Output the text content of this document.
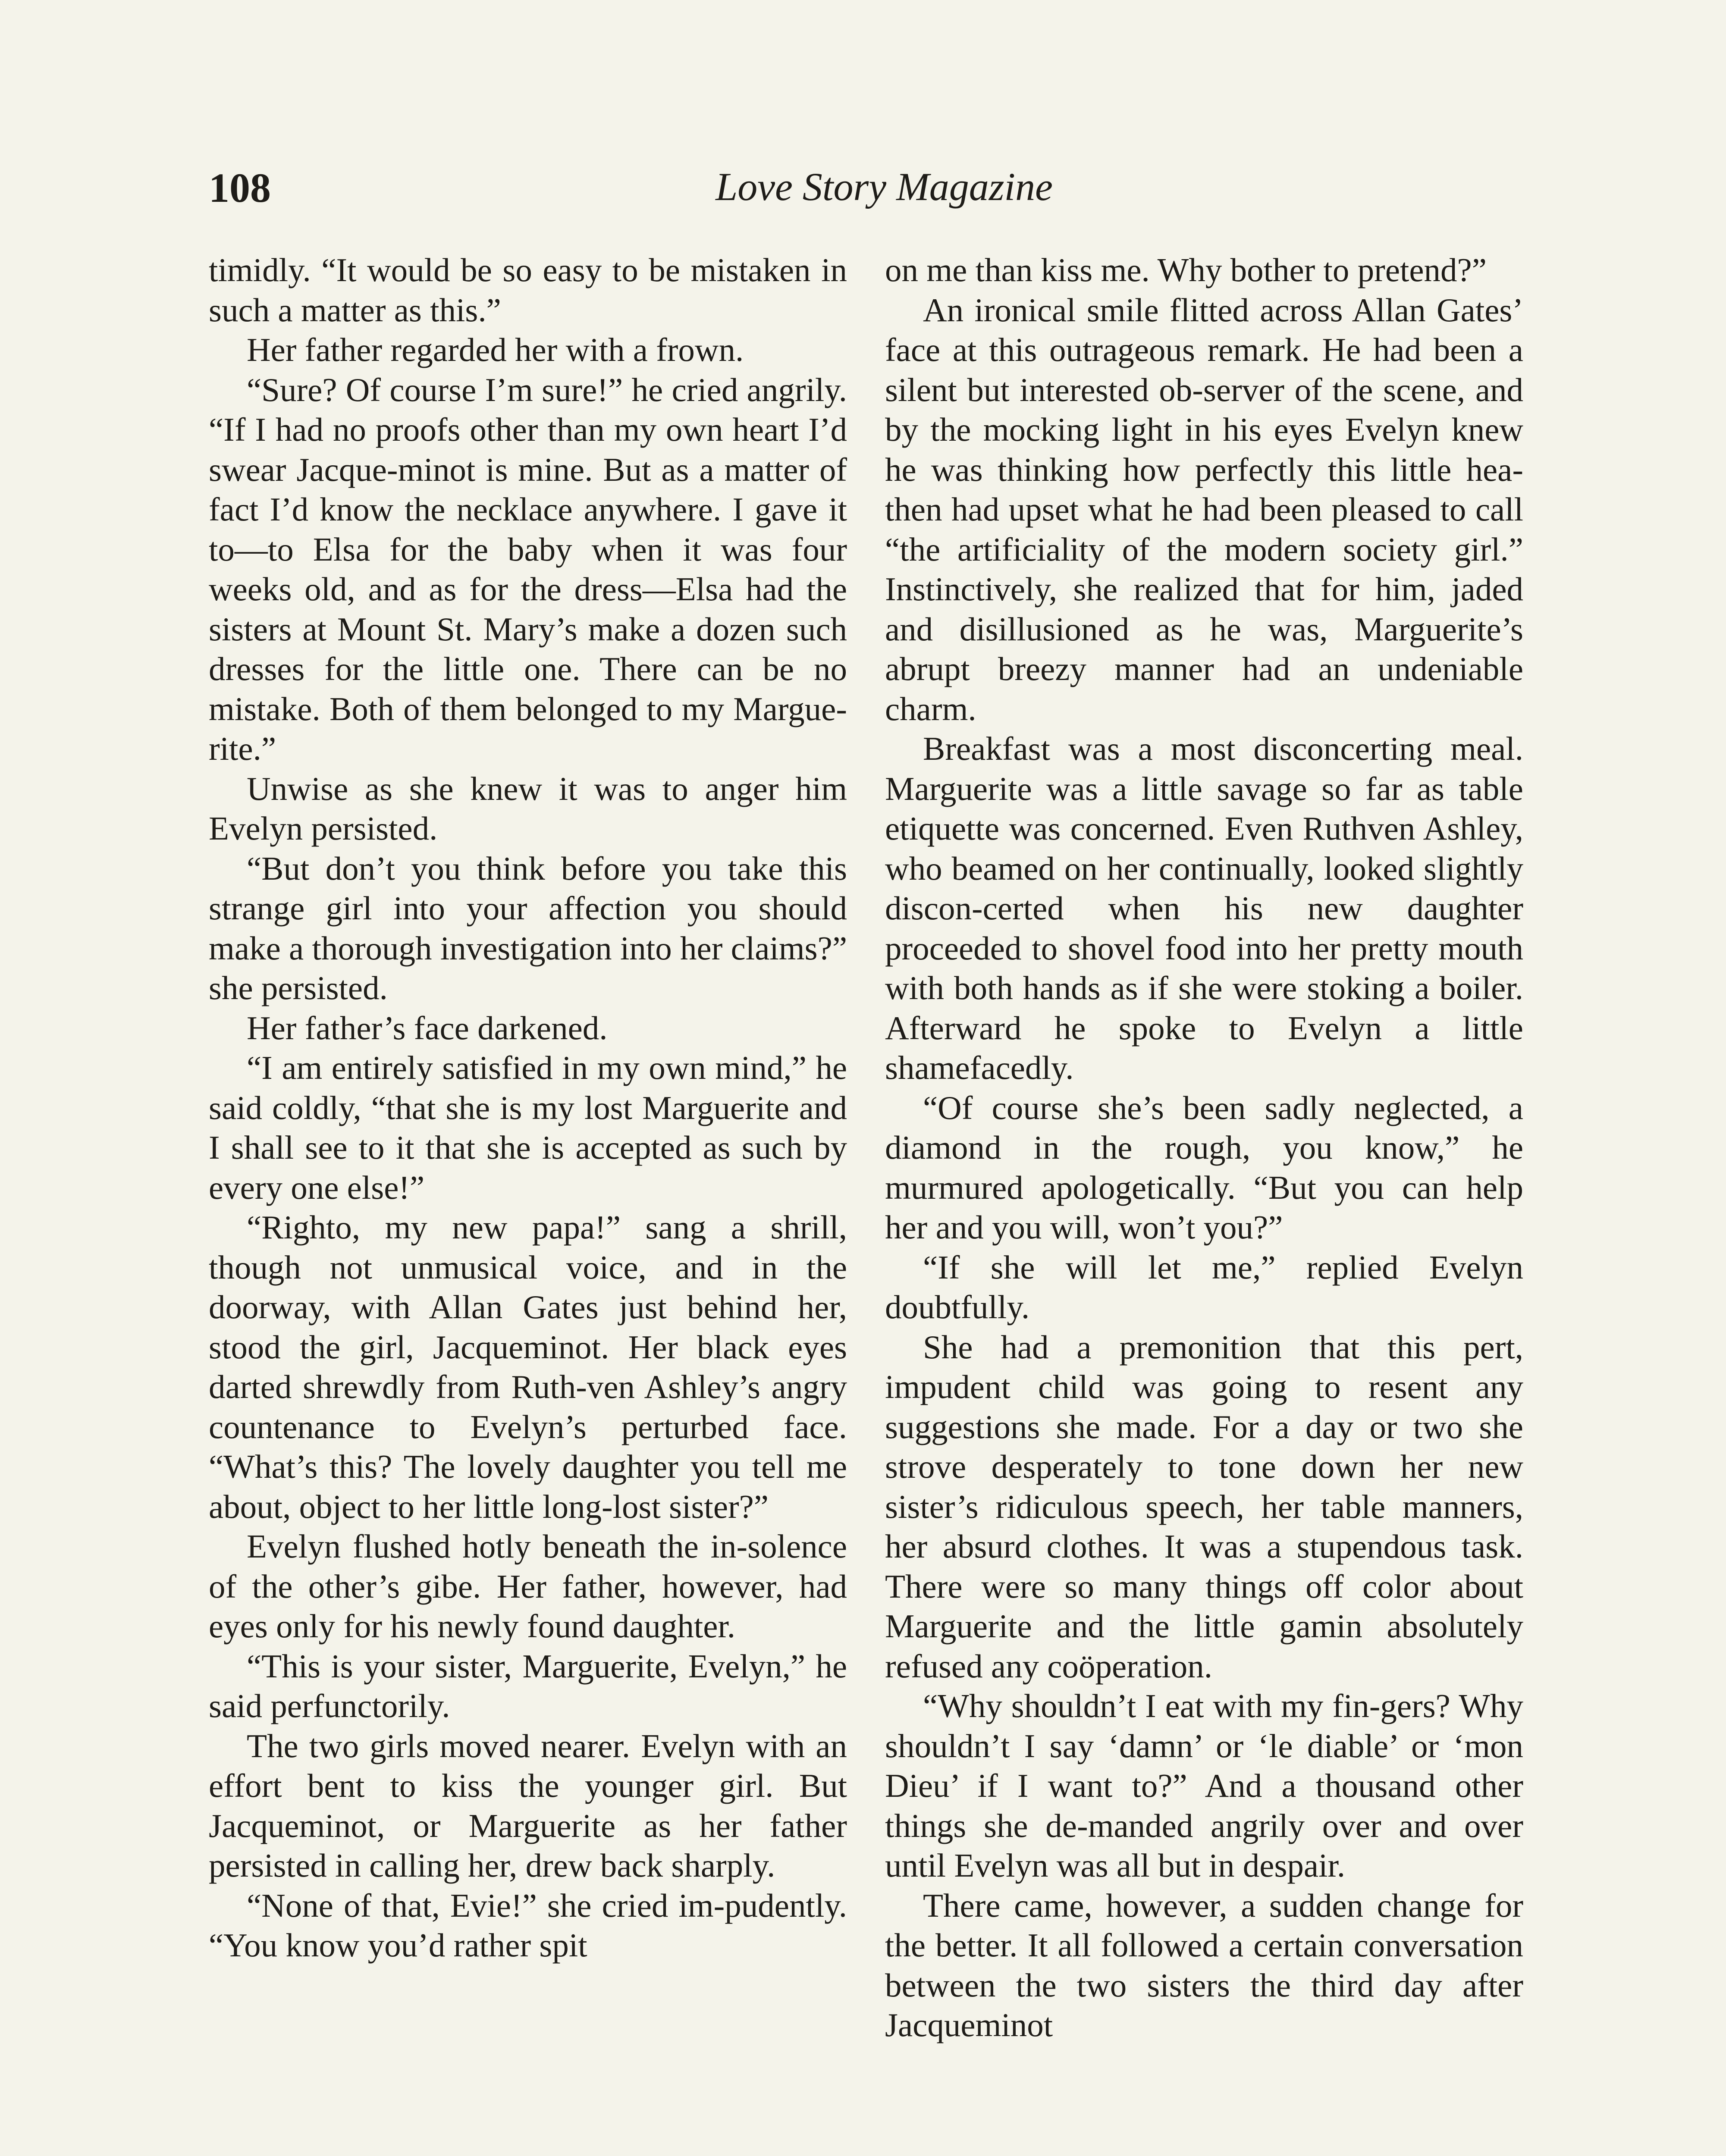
108	Love Story Magazine

timidly. “It would be so easy to be mistaken in such a matter as this.”

Her father regarded her with a frown.

“Sure? Of course I’m sure!” he cried angrily. “If I had no proofs other than my own heart I’d swear Jacque-minot is mine. But as a matter of fact I’d know the necklace anywhere. I gave it to—to Elsa for the baby when it was four weeks old, and as for the dress—Elsa had the sisters at Mount St. Mary’s make a dozen such dresses for the little one. There can be no mistake. Both of them belonged to my Margue-rite.”

Unwise as she knew it was to anger him Evelyn persisted.

“But don’t you think before you take this strange girl into your affection you should make a thorough investigation into her claims?” she persisted.

Her father’s face darkened.

“I am entirely satisfied in my own mind,” he said coldly, “that she is my lost Marguerite and I shall see to it that she is accepted as such by every one else!”

“Righto, my new papa!” sang a shrill, though not unmusical voice, and in the doorway, with Allan Gates just behind her, stood the girl, Jacqueminot. Her black eyes darted shrewdly from Ruth-ven Ashley’s angry countenance to Evelyn’s perturbed face. “What’s this? The lovely daughter you tell me about, object to her little long-lost sister?”

Evelyn flushed hotly beneath the in-solence of the other’s gibe. Her father, however, had eyes only for his newly found daughter.

“This is your sister, Marguerite, Evelyn,” he said perfunctorily.

The two girls moved nearer. Evelyn with an effort bent to kiss the younger girl. But Jacqueminot, or Marguerite as her father persisted in calling her, drew back sharply.

“None of that, Evie!” she cried im-pudently. “You know you’d rather spit

on me than kiss me. Why bother to pretend?”

An ironical smile flitted across Allan Gates’ face at this outrageous remark. He had been a silent but interested ob-server of the scene, and by the mocking light in his eyes Evelyn knew he was thinking how perfectly this little hea-then had upset what he had been pleased to call “the artificiality of the modern society girl.” Instinctively, she realized that for him, jaded and disillusioned as he was, Marguerite’s abrupt breezy manner had an undeniable charm.

Breakfast was a most disconcerting meal. Marguerite was a little savage so far as table etiquette was concerned. Even Ruthven Ashley, who beamed on her continually, looked slightly discon-certed when his new daughter proceeded to shovel food into her pretty mouth with both hands as if she were stoking a boiler. Afterward he spoke to Evelyn a little shamefacedly.

“Of course she’s been sadly neglected, a diamond in the rough, you know,” he murmured apologetically. “But you can help her and you will, won’t you?”

“If she will let me,” replied Evelyn doubtfully.

She had a premonition that this pert, impudent child was going to resent any suggestions she made. For a day or two she strove desperately to tone down her new sister’s ridiculous speech, her table manners, her absurd clothes. It was a stupendous task. There were so many things off color about Marguerite and the little gamin absolutely refused any coöperation.

“Why shouldn’t I eat with my fin-gers? Why shouldn’t I say ‘damn’ or ‘le diable’ or ‘mon Dieu’ if I want to?” And a thousand other things she de-manded angrily over and over until Evelyn was all but in despair.

There came, however, a sudden change for the better. It all followed a certain conversation between the two sisters the third day after Jacqueminot
